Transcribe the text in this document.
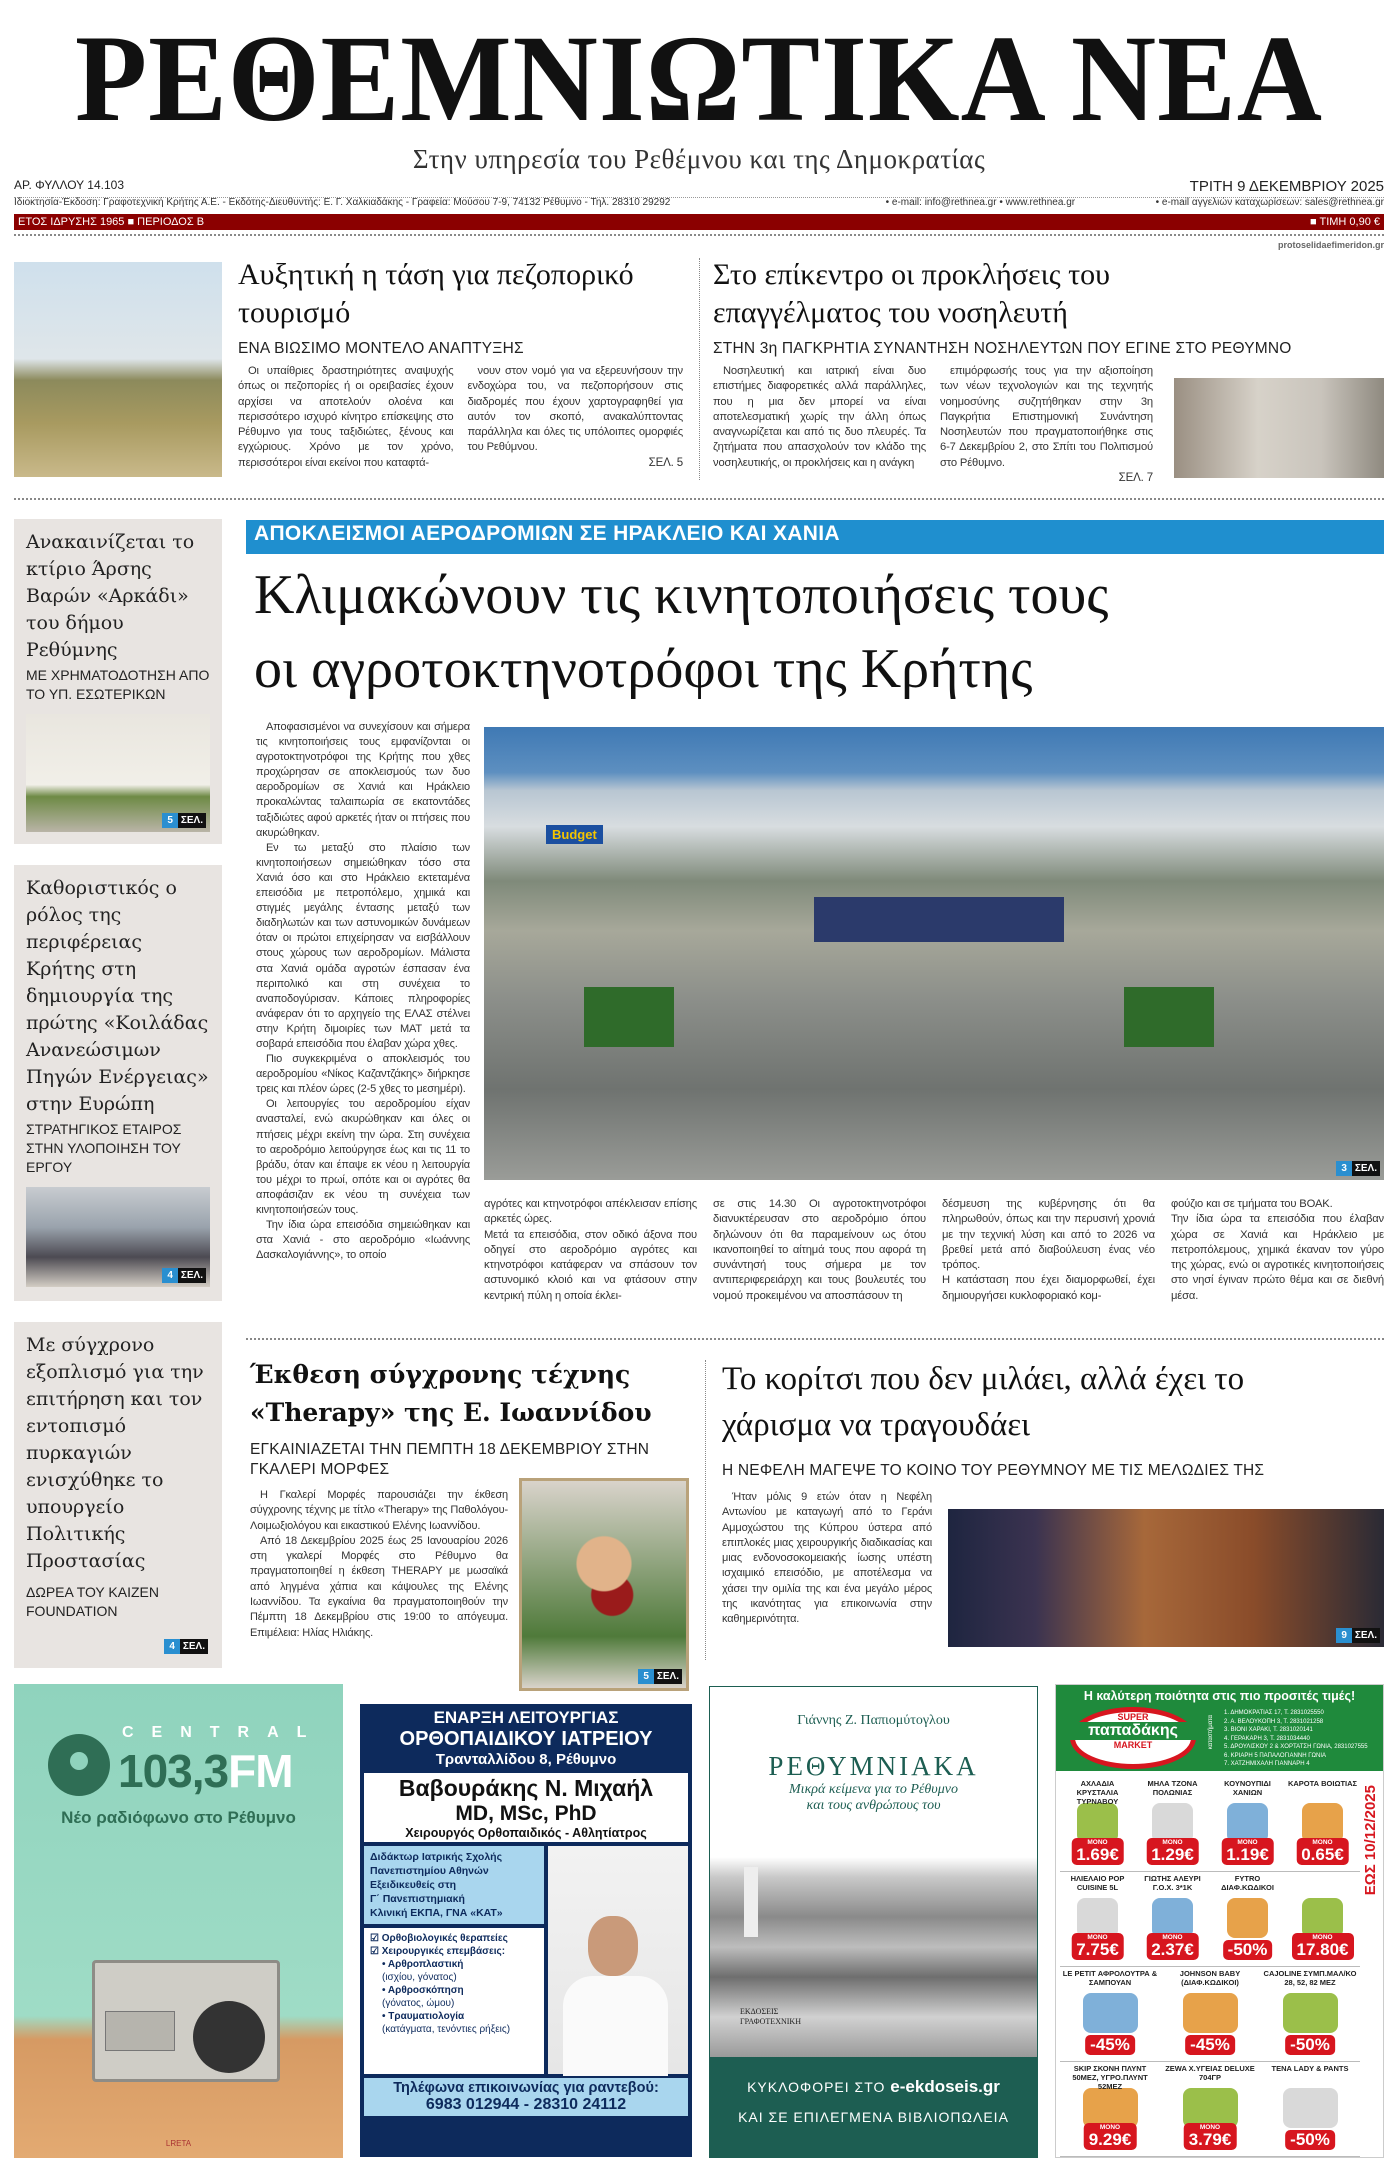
ΡΕΘΕΜΝΙΩΤΙΚΑ ΝΕΑ
Στην υπηρεσία του Ρεθέμνου και της Δημοκρατίας
ΑΡ. ΦΥΛΛΟΥ 14.103	ΤΡΙΤΗ 9 ΔΕΚΕΜΒΡΙΟΥ 2025
Ιδιοκτησία-Έκδοση: Γραφοτεχνική Κρήτης Α.Ε. - Εκδότης-Διευθυντής: Ε. Γ. Χαλκιαδάκης - Γραφεία: Μούσου 7-9, 74132 Ρέθυμνο - Τηλ. 28310 29292	• e-mail: info@rethnea.gr • www.rethnea.gr	• e-mail αγγελιών καταχωρίσεων: sales@rethnea.gr
ΕΤΟΣ ΙΔΡΥΣΗΣ 1965 ■ ΠΕΡΙΟΔΟΣ Β	■ ΤΙΜΗ 0,90 €
protoselidaefimeridon.gr
Αυξητική η τάση για πεζοπορικό τουρισμό
ΕΝΑ ΒΙΩΣΙΜΟ ΜΟΝΤΕΛΟ ΑΝΑΠΤΥΞΗΣ

Οι υπαίθριες δραστηριότητες αναψυχής όπως οι πεζοπορίες ή οι ορειβασίες έχουν αρχίσει να αποτελούν ολοένα και περισσότερο ισχυρό κίνητρο επίσκεψης στο Ρέθυμνο για τους ταξιδιώτες, ξένους και εγχώριους. Χρόνο με τον χρόνο, περισσότεροι είναι εκείνοι που καταφτά-

νουν στον νομό για να εξερευνήσουν την ενδοχώρα του, να πεζοπορήσουν στις διαδρομές που έχουν χαρτογραφηθεί για αυτόν τον σκοπό, ανακαλύπτοντας παράλληλα και όλες τις υπόλοιπες ομορφιές του Ρεθύμνου.

ΣΕΛ. 5
Στο επίκεντρο οι προκλήσεις του επαγγέλματος του νοσηλευτή
ΣΤΗΝ 3η ΠΑΓΚΡΗΤΙΑ ΣΥΝΑΝΤΗΣΗ ΝΟΣΗΛΕΥΤΩΝ ΠΟΥ ΕΓΙΝΕ ΣΤΟ ΡΕΘΥΜΝΟ

Νοσηλευτική και ιατρική είναι δυο επιστήμες διαφορετικές αλλά παράλληλες, που η μια δεν μπορεί να είναι αποτελεσματική χωρίς την άλλη όπως αναγνωρίζεται και από τις δυο πλευρές. Τα ζητήματα που απασχολούν τον κλάδο της νοσηλευτικής, οι προκλήσεις και η ανάγκη

επιμόρφωσής τους για την αξιοποίηση των νέων τεχνολογιών και της τεχνητής νοημοσύνης συζητήθηκαν στην 3η Παγκρήτια Επιστημονική Συνάντηση Νοσηλευτών που πραγματοποιήθηκε στις 6-7 Δεκεμβρίου 2, στο Σπίτι του Πολιτισμού στο Ρέθυμνο.

ΣΕΛ. 7
Ανακαινίζεται το κτίριο Άρσης Βαρών «Αρκάδι» του δήμου Ρεθύμνης
ΜΕ ΧΡΗΜΑΤΟΔΟΤΗΣΗ ΑΠΟ ΤΟ ΥΠ. ΕΣΩΤΕΡΙΚΩΝ
5 ΣΕΛ.
Καθοριστικός ο ρόλος της περιφέρειας Κρήτης στη δημιουργία της πρώτης «Κοιλάδας Ανανεώσιμων Πηγών Ενέργειας» στην Ευρώπη
ΣΤΡΑΤΗΓΙΚΟΣ ΕΤΑΙΡΟΣ ΣΤΗΝ ΥΛΟΠΟΙΗΣΗ ΤΟΥ ΕΡΓΟΥ
4 ΣΕΛ.
Με σύγχρονο εξοπλισμό για την επιτήρηση και τον εντοπισμό πυρκαγιών ενισχύθηκε το υπουργείο Πολιτικής Προστασίας
ΔΩΡΕΑ ΤΟΥ KAIZEN FOUNDATION
4 ΣΕΛ.
ΑΠΟΚΛΕΙΣΜΟΙ ΑΕΡΟΔΡΟΜΙΩΝ ΣΕ ΗΡΑΚΛΕΙΟ ΚΑΙ ΧΑΝΙΑ
Κλιμακώνουν τις κινητοποιήσεις τους
οι αγροτοκτηνοτρόφοι της Κρήτης

Αποφασισμένοι να συνεχίσουν και σήμερα τις κινητοποιήσεις τους εμφανίζονται οι αγροτοκτηνοτρόφοι της Κρήτης που χθες προχώρησαν σε αποκλεισμούς των δυο αεροδρομίων σε Χανιά και Ηράκλειο προκαλώντας ταλαιπωρία σε εκατοντάδες ταξιδιώτες αφού αρκετές ήταν οι πτήσεις που ακυρώθηκαν.

Εν τω μεταξύ στο πλαίσιο των κινητοποιήσεων σημειώθηκαν τόσο στα Χανιά όσο και στο Ηράκλειο εκτεταμένα επεισόδια με πετροπόλεμο, χημικά και στιγμές μεγάλης έντασης μεταξύ των διαδηλωτών και των αστυνομικών δυνάμεων όταν οι πρώτοι επιχείρησαν να εισβάλλουν στους χώρους των αεροδρομίων. Μάλιστα στα Χανιά ομάδα αγροτών έσπασαν ένα περιπολικό και στη συνέχεια το αναποδογύρισαν. Κάποιες πληροφορίες ανάφεραν ότι το αρχηγείο της ΕΛΑΣ στέλνει στην Κρήτη διμοιρίες των ΜΑΤ μετά τα σοβαρά επεισόδια που έλαβαν χώρα χθες.

Πιο συγκεκριμένα ο αποκλεισμός του αεροδρομίου «Νίκος Καζαντζάκης» διήρκησε τρεις και πλέον ώρες (2-5 χθες το μεσημέρι).

Οι λειτουργίες του αεροδρομίου είχαν ανασταλεί, ενώ ακυρώθηκαν και όλες οι πτήσεις μέχρι εκείνη την ώρα. Στη συνέχεια το αεροδρόμιο λειτούργησε έως και τις 11 το βράδυ, όταν και έπαψε εκ νέου η λειτουργία του μέχρι το πρωί, οπότε και οι αγρότες θα αποφάσιζαν εκ νέου τη συνέχεια των κινητοποιήσεών τους.

Την ίδια ώρα επεισόδια σημειώθηκαν και στα Χανιά - στο αεροδρόμιο «Ιωάννης Δασκαλογιάννης», το οποίο

Budget
3 ΣΕΛ.
αγρότες και κτηνοτρόφοι απέκλεισαν επίσης αρκετές ώρες.
Μετά τα επεισόδια, στον οδικό άξονα που οδηγεί στο αεροδρόμιο αγρότες και κτηνοτρόφοι κατάφεραν να σπάσουν τον αστυνομικό κλοιό και να φτάσουν στην κεντρική πύλη η οποία έκλει-
σε στις 14.30 Οι αγροτοκτηνοτρόφοι διανυκτέρευσαν στο αεροδρόμιο όπου δηλώνουν ότι θα παραμείνουν ως ότου ικανοποιηθεί το αίτημά τους που αφορά τη συνάντησή τους σήμερα με τον αντιπεριφερειάρχη και τους βουλευτές του νομού προκειμένου να αποσπάσουν τη
δέσμευση της κυβέρνησης ότι θα πληρωθούν, όπως και την περυσινή χρονιά με την τεχνική λύση και από το 2026 να βρεθεί μετά από διαβούλευση ένας νέο τρόπος.
Η κατάσταση που έχει διαμορφωθεί, έχει δημιουργήσει κυκλοφοριακό κομ-
φούζιο και σε τμήματα του ΒΟΑΚ.
Την ίδια ώρα τα επεισόδια που έλαβαν χώρα σε Χανιά και Ηράκλειο με πετροπόλεμους, χημικά έκαναν τον γύρο της χώρας, ενώ οι αγροτικές κινητοποιήσεις στο νησί έγιναν πρώτο θέμα και σε διεθνή μέσα.
Έκθεση σύγχρονης τέχνης «Therapy» της Ε. Ιωαννίδου
ΕΓΚΑΙΝΙΑΖΕΤΑΙ ΤΗΝ ΠΕΜΠΤΗ 18 ΔΕΚΕΜΒΡΙΟΥ ΣΤΗΝ ΓΚΑΛΕΡΙ ΜΟΡΦΕΣ

Η Γκαλερί Μορφές παρουσιάζει την έκθεση σύγχρονης τέχνης με τίτλο «Therapy» της Παθολόγου- Λοιμωξιολόγου και εικαστικού Ελένης Ιωαννίδου.

Από 18 Δεκεμβρίου 2025 έως 25 Ιανουαρίου 2026 στη γκαλερί Μορφές στο Ρέθυμνο θα πραγματοποιηθεί η έκθεση THERAPY με μωσαϊκά από ληγμένα χάπια και κάψουλες της Ελένης Ιωαννίδου. Τα εγκαίνια θα πραγματοποιηθούν την Πέμπτη 18 Δεκεμβρίου στις 19:00 το απόγευμα. Επιμέλεια: Ηλίας Ηλιάκης.

5 ΣΕΛ.
Το κορίτσι που δεν μιλάει, αλλά έχει το χάρισμα να τραγουδάει
Η ΝΕΦΕΛΗ ΜΑΓΕΨΕ ΤΟ ΚΟΙΝΟ ΤΟΥ ΡΕΘΥΜΝΟΥ ΜΕ ΤΙΣ ΜΕΛΩΔΙΕΣ ΤΗΣ

Ήταν μόλις 9 ετών όταν η Νεφέλη Αντωνίου με καταγωγή από το Γεράνι Αμμοχώστου της Κύπρου ύστερα από επιπλοκές μιας χειρουργικής διαδικασίας και μιας ενδονοσοκομειακής ίωσης υπέστη ισχαιμικό επεισόδιο, με αποτέλεσμα να χάσει την ομιλία της και ένα μεγάλο μέρος της ικανότητας για επικοινωνία στην καθημερινότητα.

9 ΣΕΛ.
CENTRAL
103,3FM
Νέο ραδιόφωνο στο Ρέθυμνο
LRETA
ΕΝΑΡΞΗ ΛΕΙΤΟΥΡΓΙΑΣ
ΟΡΘΟΠΑΙΔΙΚΟΥ ΙΑΤΡΕΙΟΥ
Τρανταλλίδου 8, Ρέθυμνο
Βαβουράκης Ν. Μιχαήλ
MD, MSc, PhD
Χειρουργός Ορθοπαιδικός - Αθλητίατρος
Διδάκτωρ Ιατρικής Σχολής
Πανεπιστημίου Αθηνών
Εξειδικευθείς στη
Γ΄ Πανεπιστημιακή
Κλινική ΕΚΠΑ, ΓΝΑ «ΚΑΤ»
☑ Ορθοβιολογικές θεραπείες
☑ Χειρουργικές επεμβάσεις:
• Αρθροπλαστική
(ισχίου, γόνατος)
• Αρθροσκόπηση
(γόνατος, ώμου)
• Τραυματιολογία
(κατάγματα, τενόντιες ρήξεις)
Τηλέφωνα επικοινωνίας για ραντεβού:
6983 012944 - 28310 24112
Γιάννης Ζ. Παπιομύτογλου
ΡΕΘΥΜΝΙΑΚΑ
Μικρά κείμενα για το Ρέθυμνο
και τους ανθρώπους του
ΕΚΔΟΣΕΙΣ
ΓΡΑΦΟΤΕΧΝΙΚΗ
ΚΥΚΛΟΦΟΡΕΙ ΣΤΟ e-ekdoseis.gr
ΚΑΙ ΣΕ ΕΠΙΛΕΓΜΕΝΑ ΒΙΒΛΙΟΠΩΛΕΙΑ
Η καλύτερη ποιότητα στις πιο προσιτές τιμές!
SUPER
παπαδάκης
MARKET
1. ΔΗΜΟΚΡΑΤΙΑΣ 17, Τ. 2831025550
2. Α. ΒΕΛΟΥΚΟΠΗ 3, Τ. 2831021258
3. ΒΙΟΝΙ ΧΑΡΑΚΙ, Τ. 2831020141
4. ΓΕΡΑΚΑΡΗ 3, Τ. 2831034440
5. ΔΡΟΥΛΙΣΚΟΥ 2 & ΧΟΡΤΑΤΣΗ ΓΩΝΙΑ, 2831027555
6. ΚΡΙΑΡΗ 5 ΠΑΠΑΛΟΓΙΑΝΝΗ ΓΩΝΙΑ
7. ΧΑΤΖΗΜΙΧΑΛΗ ΓΙΑΝΝΑΡΗ 4
καταστήματα
ΕΩΣ 10/12/2025
ΑΧΛΑΔΙΑ ΚΡΥΣΤΑΛΙΑ ΤΥΡΝΑΒΟΥ
ΜΟΝΟ
1.69€
ΜΗΛΑ ΤΖΟΝΑ ΠΟΛΩΝΙΑΣ
ΜΟΝΟ
1.29€
ΚΟΥΝΟΥΠΙΔΙ ΧΑΝΙΩΝ
ΜΟΝΟ
1.19€
ΚΑΡΟΤΑ ΒΟΙΩΤΙΑΣ
ΜΟΝΟ
0.65€
ΗΛΙΕΛΑΙΟ POP CUISINE 5L
ΜΟΝΟ
7.75€
ΓΙΩΤΗΣ ΑΛΕΥΡΙ Γ.Ο.Χ. 3*1Κ
ΜΟΝΟ
2.37€
FYTRO ΔΙΑΦ.ΚΩΔΙΚΟΙ
-50%
ΜΟΝΟ
17.80€
LE PETIT ΑΦΡΟΛΟΥΤΡΑ & ΣΑΜΠΟΥΑΝ
-45%
JOHNSON BABY (ΔΙΑΦ.ΚΩΔΙΚΟΙ)
-45%
CAJOLINE ΣΥΜΠ.ΜΑΛ/ΚΟ 28, 52, 82 ΜΕΖ
-50%
SKIP ΣΚΟΝΗ ΠΛΥΝΤ 50ΜΕΖ, ΥΓΡΟ.ΠΛΥΝΤ 52ΜΕΖ
ΜΟΝΟ
9.29€
ZEWA Χ.ΥΓΕΙΑΣ DELUXE 704ΓΡ
ΜΟΝΟ
3.79€
TENA LADY & PANTS
-50%
